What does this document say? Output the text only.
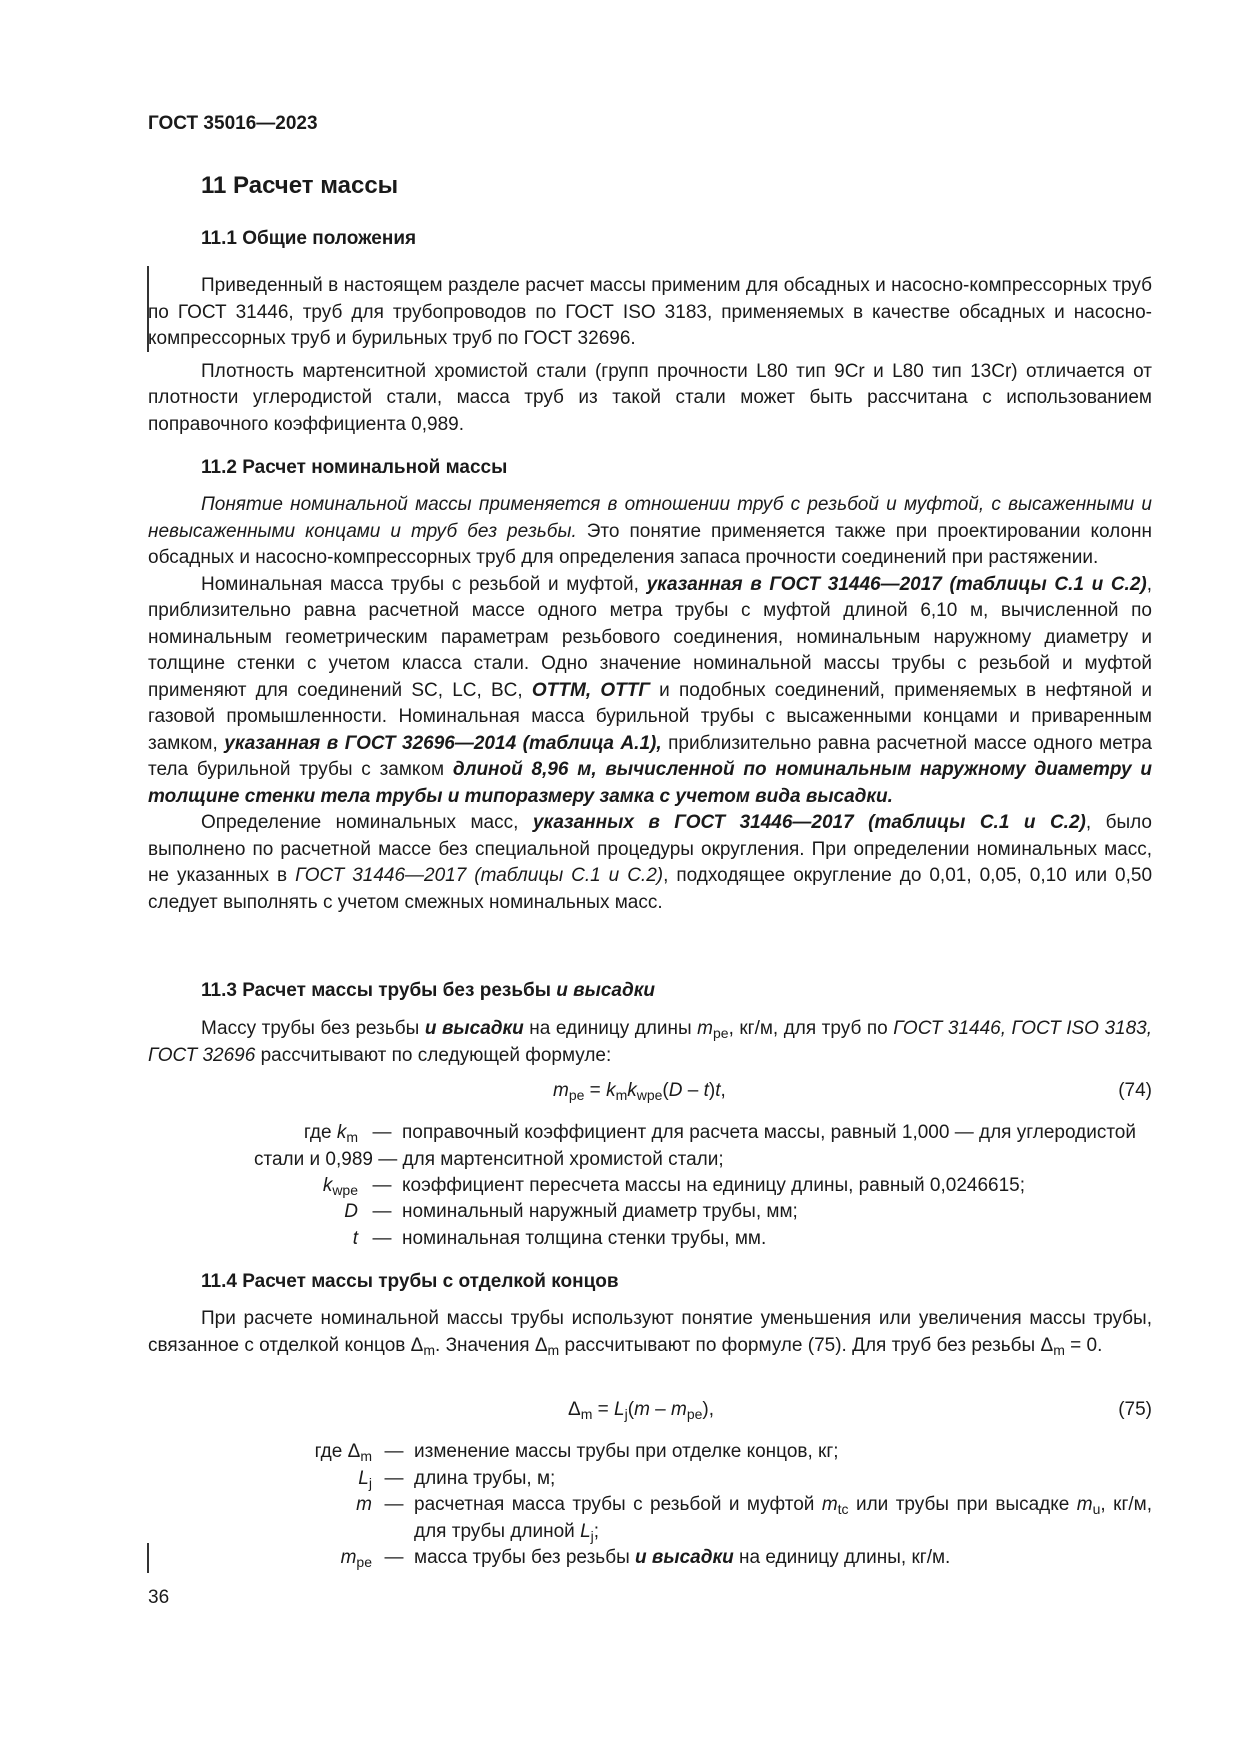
ГОСТ 35016—2023
11 Расчет массы
11.1 Общие положения

Приведенный в настоящем разделе расчет массы применим для обсадных и насосно-компрессорных труб по ГОСТ 31446, труб для трубопроводов по ГОСТ ISO 3183, применяемых в качестве обсадных и насосно-компрессорных труб и бурильных труб по ГОСТ 32696.

Плотность мартенситной хромистой стали (групп прочности L80 тип 9Cr и L80 тип 13Cr) отличается от плотности углеродистой стали, масса труб из такой стали может быть рассчитана с использованием поправочного коэффициента 0,989.

11.2 Расчет номинальной массы

Понятие номинальной массы применяется в отношении труб с резьбой и муфтой, с высаженными и невысаженными концами и труб без резьбы. Это понятие применяется также при проектировании колонн обсадных и насосно-компрессорных труб для определения запаса прочности соединений при растяжении.

Номинальная масса трубы с резьбой и муфтой, указанная в ГОСТ 31446—2017 (таблицы C.1 и C.2), приблизительно равна расчетной массе одного метра трубы с муфтой длиной 6,10 м, вычисленной по номинальным геометрическим параметрам резьбового соединения, номинальным наружному диаметру и толщине стенки с учетом класса стали. Одно значение номинальной массы трубы с резьбой и муфтой применяют для соединений SC, LC, BC, ОТТМ, ОТТГ и подобных соединений, применяемых в нефтяной и газовой промышленности. Номинальная масса бурильной трубы с высаженными концами и приваренным замком, указанная в ГОСТ 32696—2014 (таблица A.1), приблизительно равна расчетной массе одного метра тела бурильной трубы с замком длиной 8,96 м, вычисленной по номинальным наружному диаметру и толщине стенки тела трубы и типоразмеру замка с учетом вида высадки.

Определение номинальных масс, указанных в ГОСТ 31446—2017 (таблицы C.1 и C.2), было выполнено по расчетной массе без специальной процедуры округления. При определении номинальных масс, не указанных в ГОСТ 31446—2017 (таблицы C.1 и C.2), подходящее округление до 0,01, 0,05, 0,10 или 0,50 следует выполнять с учетом смежных номинальных масс.

11.3 Расчет массы трубы без резьбы и высадки

Массу трубы без резьбы и высадки на единицу длины $m_{pe}$, кг/м, для труб по ГОСТ 31446, ГОСТ ISO 3183, ГОСТ 32696 рассчитывают по следующей формуле:

$m_{pe} = k_mk_{wpe}(D - t)t$,	(74)
где $k_m$ — поправочный коэффициент для расчета массы, равный 1,000 — для углеродистой стали и 0,989 — для мартенситной хромистой стали;
$k_{wpe}$ — коэффициент пересчета массы на единицу длины, равный 0,0246615;
D — номинальный наружный диаметр трубы, мм;
t — номинальная толщина стенки трубы, мм.
11.4 Расчет массы трубы с отделкой концов

При расчете номинальной массы трубы используют понятие уменьшения или увеличения массы трубы, связанное с отделкой концов $\Delta_m$. Значения $\Delta_m$ рассчитывают по формуле (75). Для труб без резьбы $\Delta_m = 0$.

$\Delta_m = L_j(m - m_{pe})$,	(75)
где $\Delta_m$ — изменение массы трубы при отделке концов, кг;
$L_j$ — длина трубы, м;
m — расчетная масса трубы с резьбой и муфтой $m_{tc}$ или трубы при высадке $m_u$, кг/м, для трубы длиной $L_j$;
$m_{pe}$ — масса трубы без резьбы и высадки на единицу длины, кг/м.
36
